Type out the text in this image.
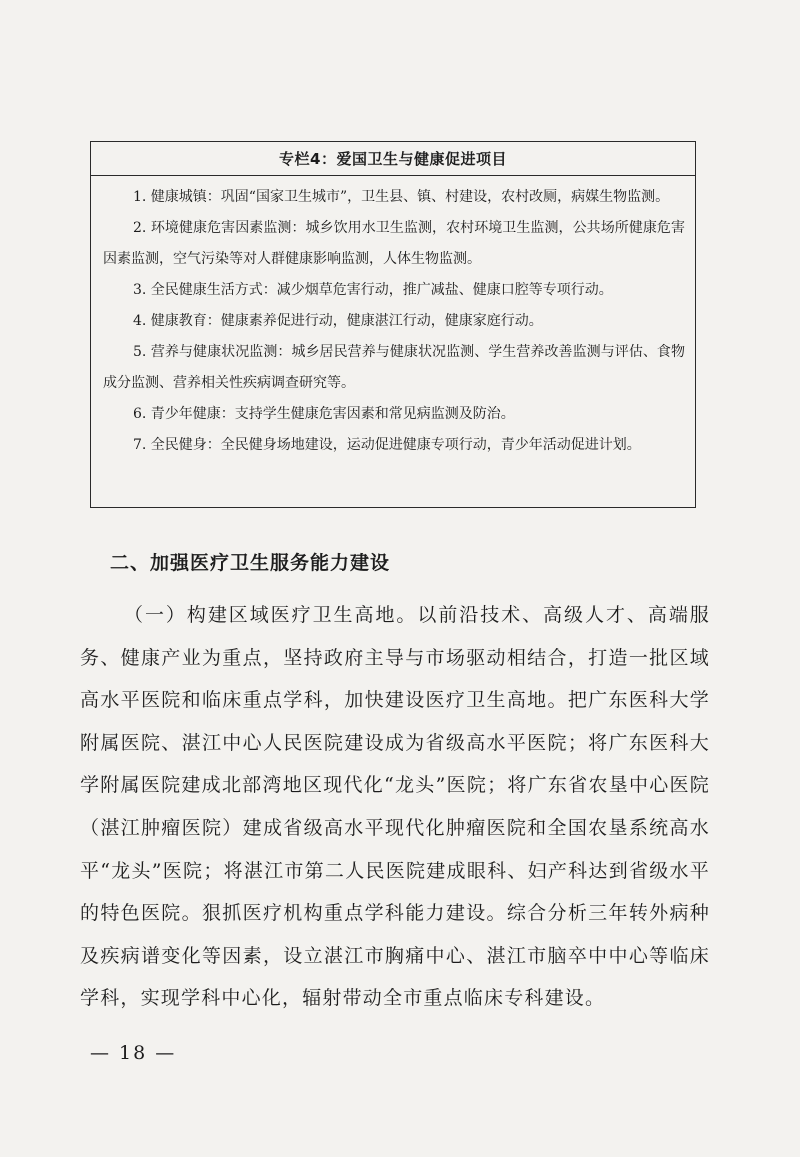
专栏4：爱国卫生与健康促进项目

1. 健康城镇：巩固“国家卫生城市”，卫生县、镇、村建设，农村改厕，病媒生物监测。

2. 环境健康危害因素监测：城乡饮用水卫生监测，农村环境卫生监测，公共场所健康危害因素监测，空气污染等对人群健康影响监测，人体生物监测。

3. 全民健康生活方式：减少烟草危害行动，推广减盐、健康口腔等专项行动。

4. 健康教育：健康素养促进行动，健康湛江行动，健康家庭行动。

5. 营养与健康状况监测：城乡居民营养与健康状况监测、学生营养改善监测与评估、食物成分监测、营养相关性疾病调查研究等。

6. 青少年健康：支持学生健康危害因素和常见病监测及防治。

7. 全民健身：全民健身场地建设，运动促进健康专项行动，青少年活动促进计划。

二、加强医疗卫生服务能力建设

（一）构建区域医疗卫生高地。以前沿技术、高级人才、高端服务、健康产业为重点，坚持政府主导与市场驱动相结合，打造一批区域高水平医院和临床重点学科，加快建设医疗卫生高地。把广东医科大学附属医院、湛江中心人民医院建设成为省级高水平医院；将广东医科大学附属医院建成北部湾地区现代化“龙头”医院；将广东省农垦中心医院（湛江肿瘤医院）建成省级高水平现代化肿瘤医院和全国农垦系统高水平“龙头”医院；将湛江市第二人民医院建成眼科、妇产科达到省级水平的特色医院。狠抓医疗机构重点学科能力建设。综合分析三年转外病种及疾病谱变化等因素，设立湛江市胸痛中心、湛江市脑卒中中心等临床学科，实现学科中心化，辐射带动全市重点临床专科建设。

— 18 —
